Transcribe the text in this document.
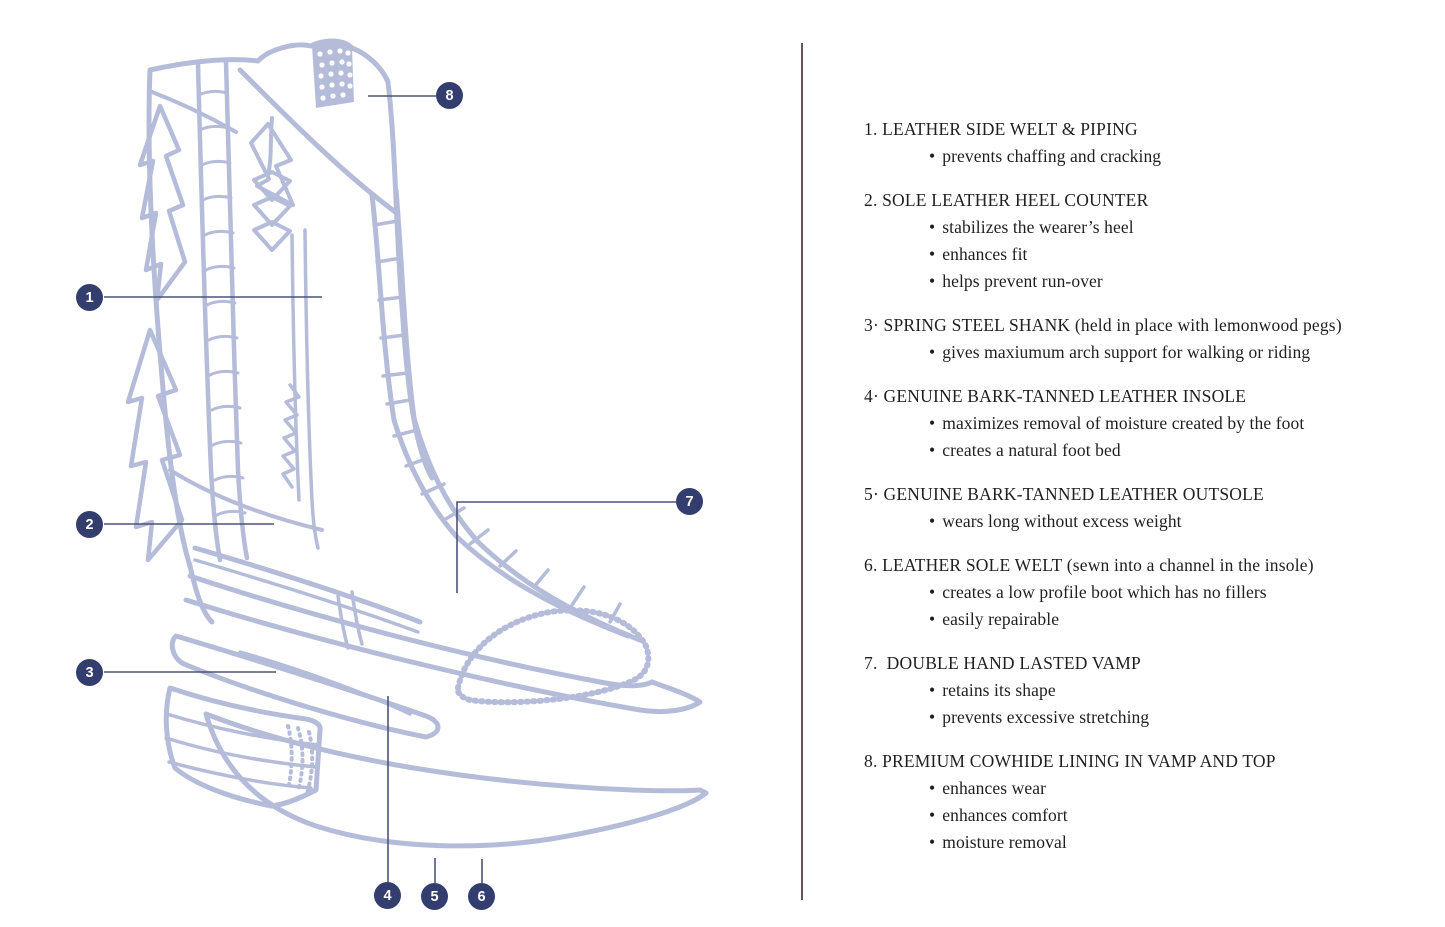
1
2
3
4	5	6
7
8
1. LEATHER SIDE WELT & PIPING
• prevents chaffing and cracking
2. SOLE LEATHER HEEL COUNTER
• stabilizes the wearer’s heel
• enhances fit
• helps prevent run-over
3· SPRING STEEL SHANK (held in place with lemonwood pegs)
• gives maxiumum arch support for walking or riding
4· GENUINE BARK-TANNED LEATHER INSOLE
• maximizes removal of moisture created by the foot
• creates a natural foot bed
5· GENUINE BARK-TANNED LEATHER OUTSOLE
• wears long without excess weight
6. LEATHER SOLE WELT (sewn into a channel in the insole)
• creates a low profile boot which has no fillers
• easily repairable
7.  DOUBLE HAND LASTED VAMP
• retains its shape
• prevents excessive stretching
8. PREMIUM COWHIDE LINING IN VAMP AND TOP
• enhances wear
• enhances comfort
• moisture removal
